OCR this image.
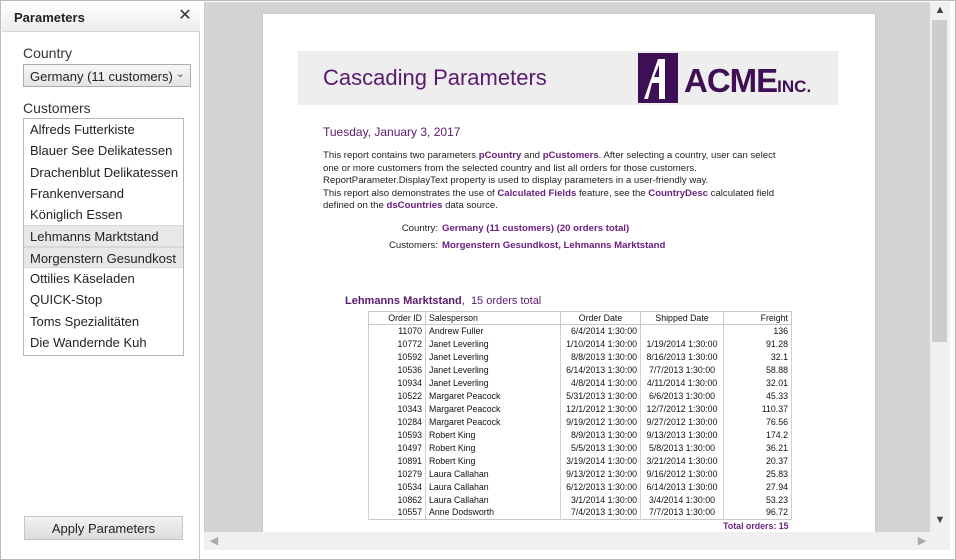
Parameters	✕
Country
Germany (11 customers) ⌄
Customers
Alfreds Futterkiste
Blauer See Delikatessen
Drachenblut Delikatessen
Frankenversand
Königlich Essen
Lehmanns Marktstand
Morgenstern Gesundkost
Ottilies Käseladen
QUICK-Stop
Toms Spezialitäten
Die Wandernde Kuh
Apply Parameters
Cascading Parameters	ACMEINC.
Tuesday, January 3, 2017
This report contains two parameters pCountry and pCustomers. After selecting a country, user can select
one or more customers from the selected country and list all orders for those customers.
ReportParameter.DisplayText property is used to display parameters in a user-friendly way.
This report also demonstrates the use of Calculated Fields feature, see the CountryDesc calculated field
defined on the dsCountries data source.
Country: Germany (11 customers) (20 orders total)
Customers: Morgenstern Gesundkost, Lehmanns Marktstand
Lehmanns Marktstand, 15 orders total
Order ID	Salesperson	Order Date	Shipped Date	Freight
11070	Andrew Fuller	6/4/2014 1:30:00		136
10772	Janet Leverling	1/10/2014 1:30:00	1/19/2014 1:30:00	91.28
10592	Janet Leverling	8/8/2013 1:30:00	8/16/2013 1:30:00	32.1
10536	Janet Leverling	6/14/2013 1:30:00	7/7/2013 1:30:00	58.88
10934	Janet Leverling	4/8/2014 1:30:00	4/11/2014 1:30:00	32.01
10522	Margaret Peacock	5/31/2013 1:30:00	6/6/2013 1:30:00	45.33
10343	Margaret Peacock	12/1/2012 1:30:00	12/7/2012 1:30:00	110.37
10284	Margaret Peacock	9/19/2012 1:30:00	9/27/2012 1:30:00	76.56
10593	Robert King	8/9/2013 1:30:00	9/13/2013 1:30:00	174.2
10497	Robert King	5/5/2013 1:30:00	5/8/2013 1:30:00	36.21
10891	Robert King	3/19/2014 1:30:00	3/21/2014 1:30:00	20.37
10279	Laura Callahan	9/13/2012 1:30:00	9/16/2012 1:30:00	25.83
10534	Laura Callahan	6/12/2013 1:30:00	6/14/2013 1:30:00	27.94
10862	Laura Callahan	3/1/2014 1:30:00	3/4/2014 1:30:00	53.23
10557	Anne Dodsworth	7/4/2013 1:30:00	7/7/2013 1:30:00	96.72
Total orders: 15				
▲
▼
◀	▶
